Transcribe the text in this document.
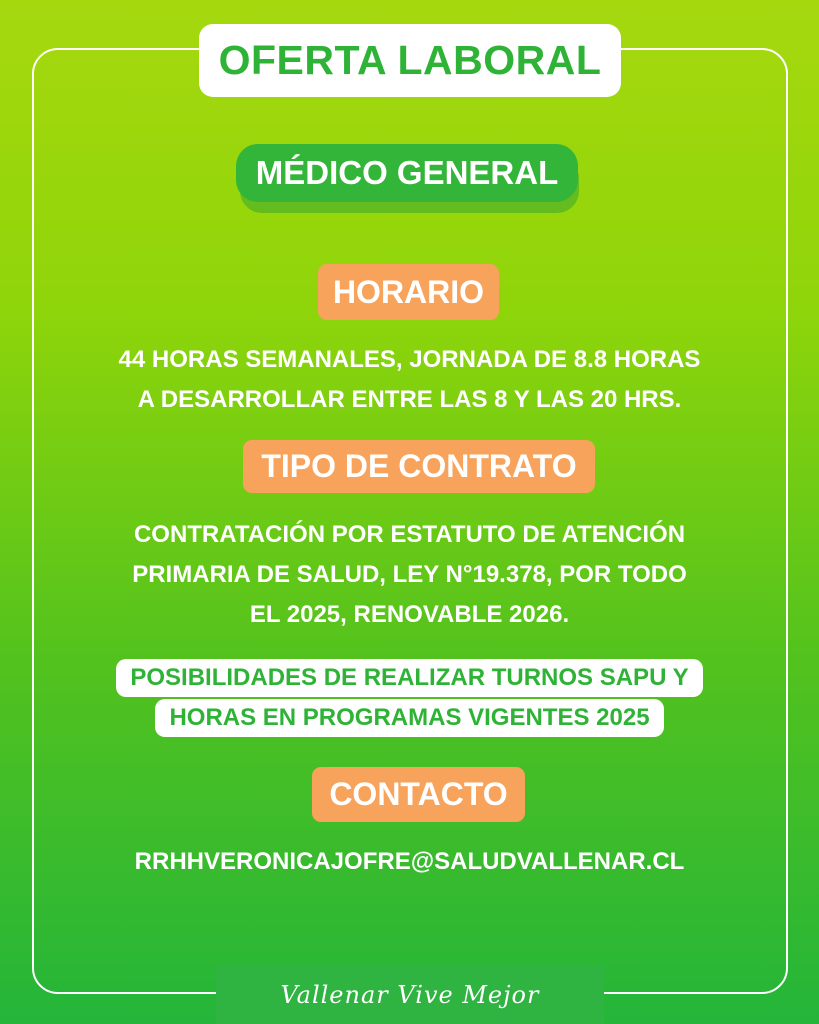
OFERTA LABORAL
MÉDICO GENERAL
HORARIO
44 HORAS SEMANALES, JORNADA DE 8.8 HORAS
A DESARROLLAR ENTRE LAS 8 Y LAS 20 HRS.
TIPO DE CONTRATO
CONTRATACIÓN POR ESTATUTO DE ATENCIÓN
PRIMARIA DE SALUD, LEY N°19.378, POR TODO
EL 2025, RENOVABLE 2026.
POSIBILIDADES DE REALIZAR TURNOS SAPU Y
HORAS EN PROGRAMAS VIGENTES 2025
CONTACTO
RRHHVERONICAJOFRE@SALUDVALLENAR.CL
Vallenar Vive Mejor
